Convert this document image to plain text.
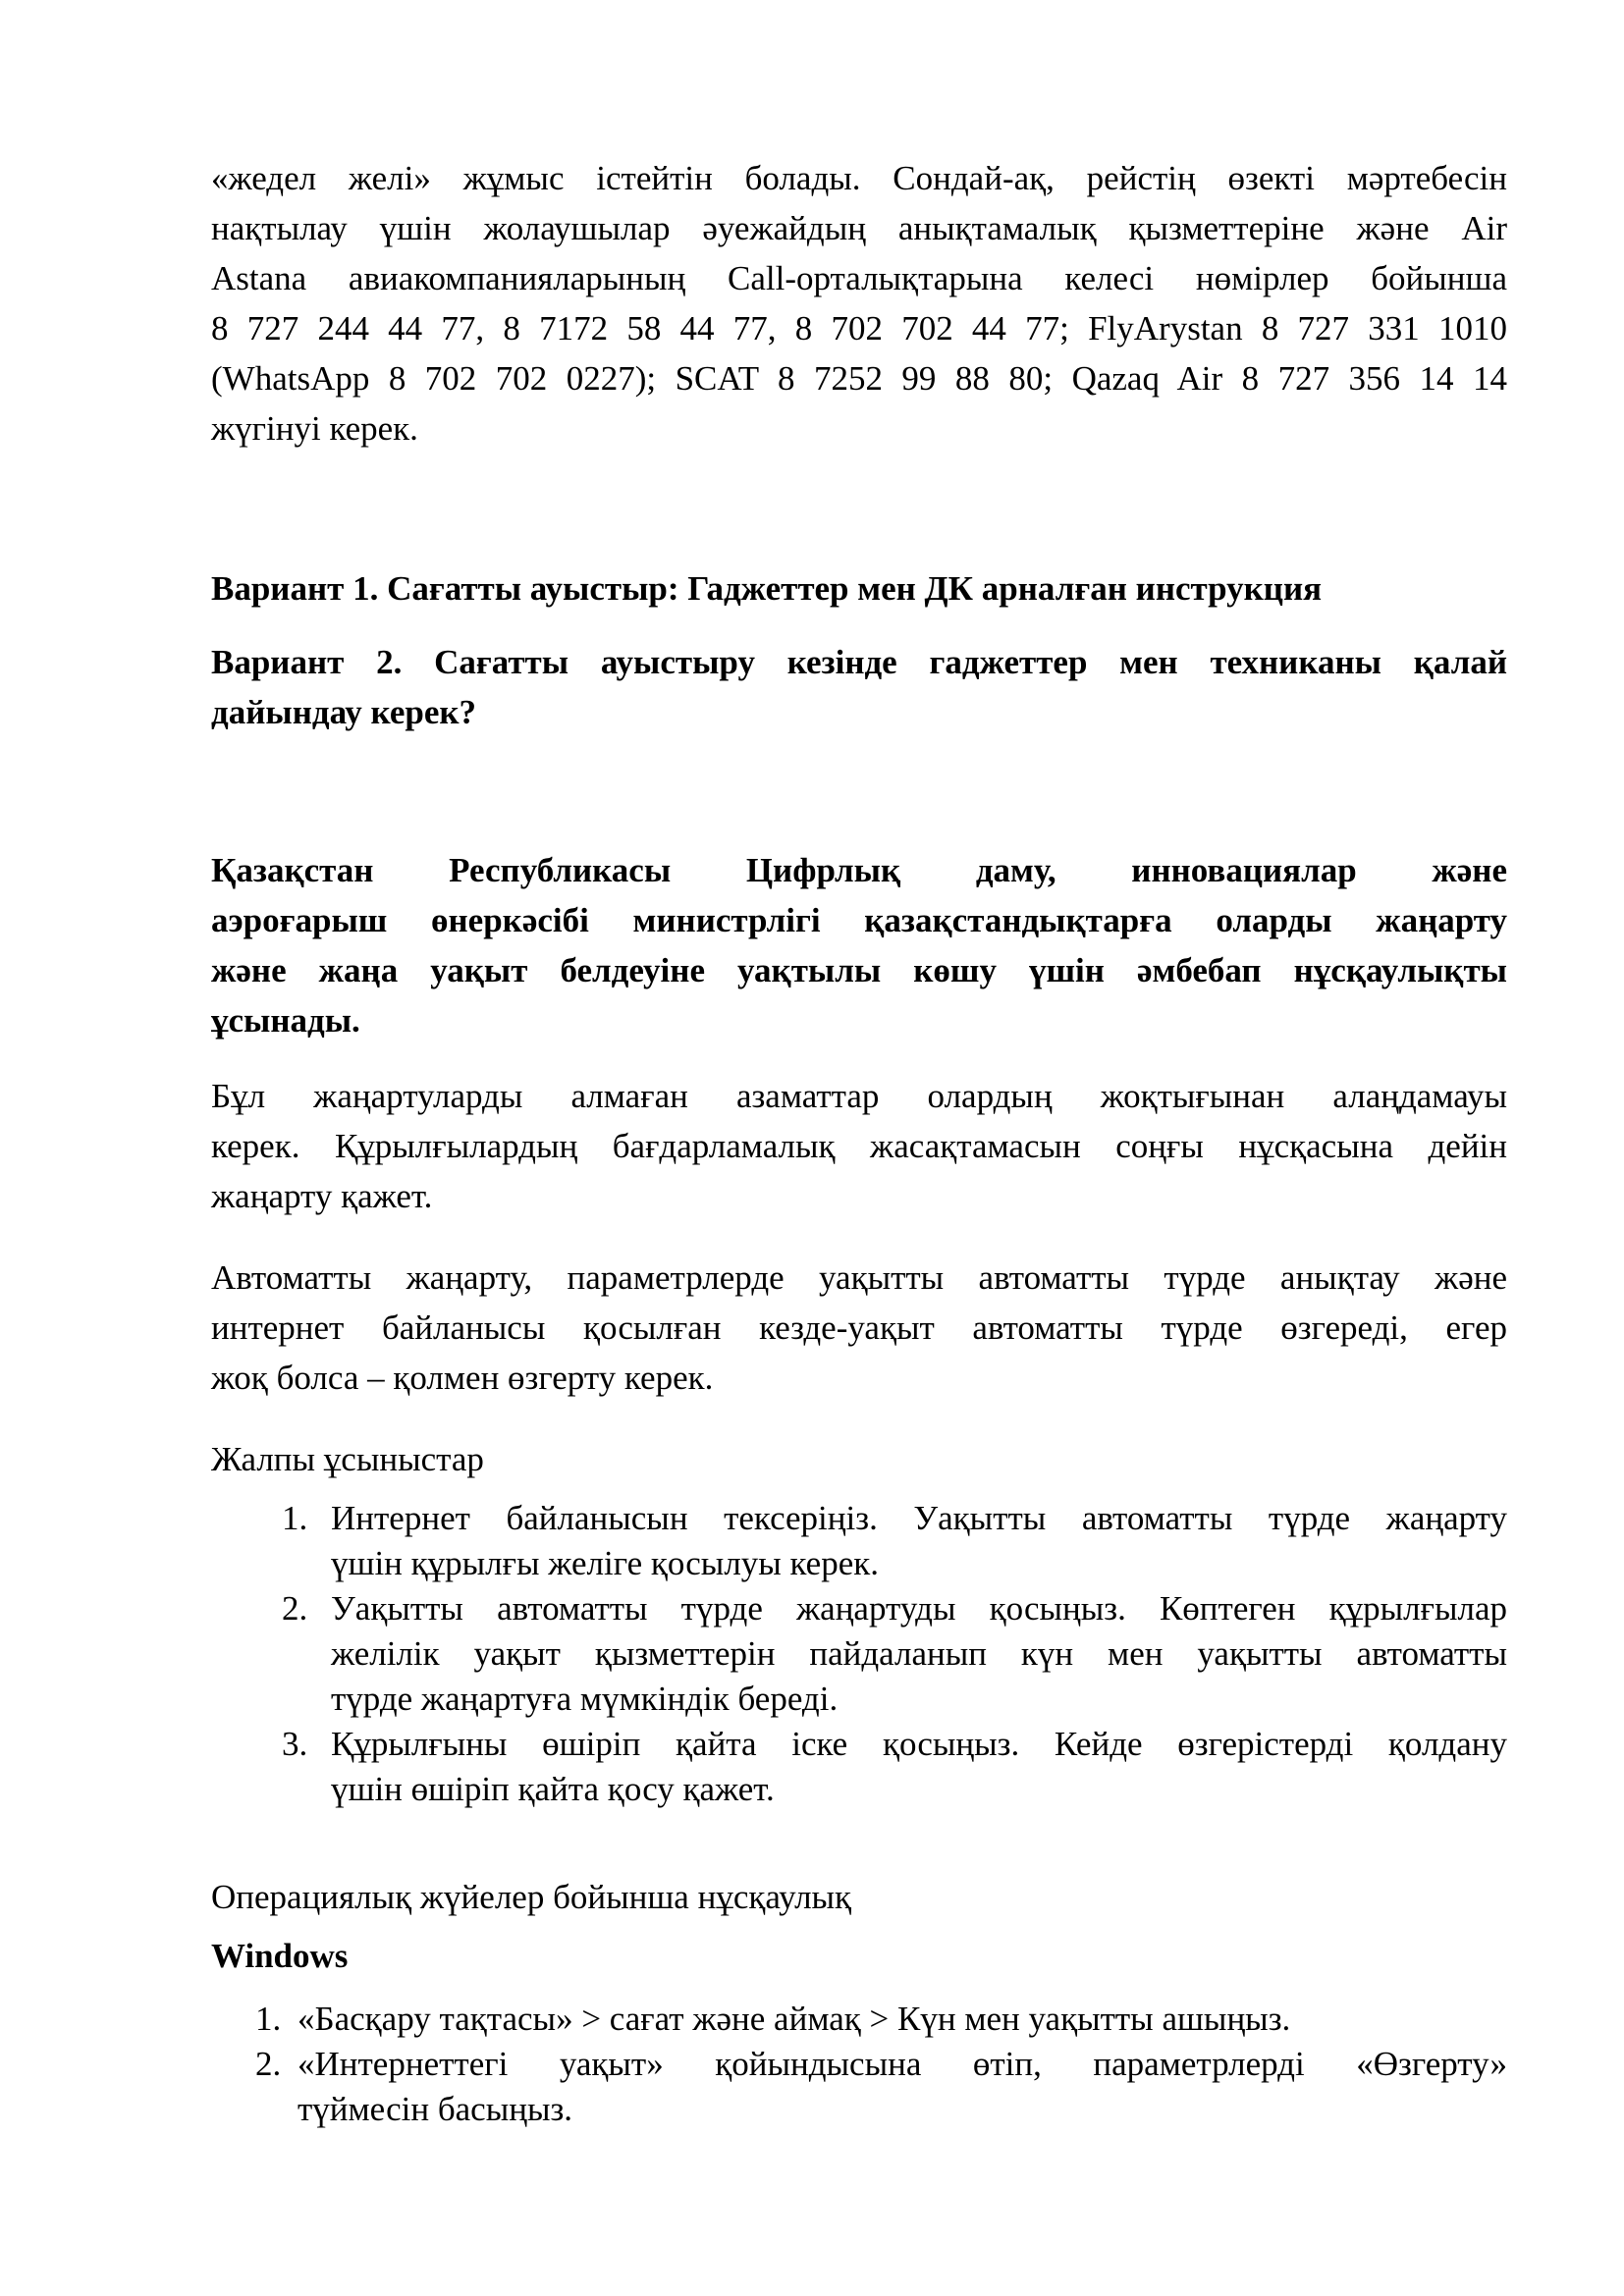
«жедел желі» жұмыс істейтін болады. Сондай-ақ, рейстің өзекті мәртебесін
нақтылау үшін жолаушылар әуежайдың анықтамалық қызметтеріне және Air
Astana авиакомпанияларының Call-орталықтарына келесі нөмірлер бойынша
8 727 244 44 77, 8 7172 58 44 77, 8 702 702 44 77; FlyArystan 8 727 331 1010
(WhatsApp 8 702 702 0227); SCAT 8 7252 99 88 80; Qazaq Air 8 727 356 14 14
жүгінуі керек.
Вариант 1. Сағатты ауыстыр: Гаджеттер мен ДК арналған инструкция
Вариант 2. Сағатты ауыстыру кезінде гаджеттер мен техниканы қалай
дайындау керек?
Қазақстан Республикасы Цифрлық даму, инновациялар және
аэроғарыш өнеркәсібі министрлігі қазақстандықтарға оларды жаңарту
және жаңа уақыт белдеуіне уақтылы көшу үшін әмбебап нұсқаулықты
ұсынады.
Бұл жаңартуларды алмаған азаматтар олардың жоқтығынан алаңдамауы
керек. Құрылғылардың бағдарламалық жасақтамасын соңғы нұсқасына дейін
жаңарту қажет.
Автоматты жаңарту, параметрлерде уақытты автоматты түрде анықтау және
интернет байланысы қосылған кезде-уақыт автоматты түрде өзгереді, егер
жоқ болса – қолмен өзгерту керек.
Жалпы ұсыныстар
1. Интернет байланысын тексеріңіз. Уақытты автоматты түрде жаңарту
үшін құрылғы желіге қосылуы керек.
2. Уақытты автоматты түрде жаңартуды қосыңыз. Көптеген құрылғылар
желілік уақыт қызметтерін пайдаланып күн мен уақытты автоматты
түрде жаңартуға мүмкіндік береді.
3. Құрылғыны өшіріп қайта іске қосыңыз. Кейде өзгерістерді қолдану
үшін өшіріп қайта қосу қажет.
Операциялық жүйелер бойынша нұсқаулық
Windows
1. «Басқару тақтасы» > сағат және аймақ > Күн мен уақытты ашыңыз.
2. «Интернеттегі уақыт» қойындысына өтіп, параметрлерді «Өзгерту»
түймесін басыңыз.
